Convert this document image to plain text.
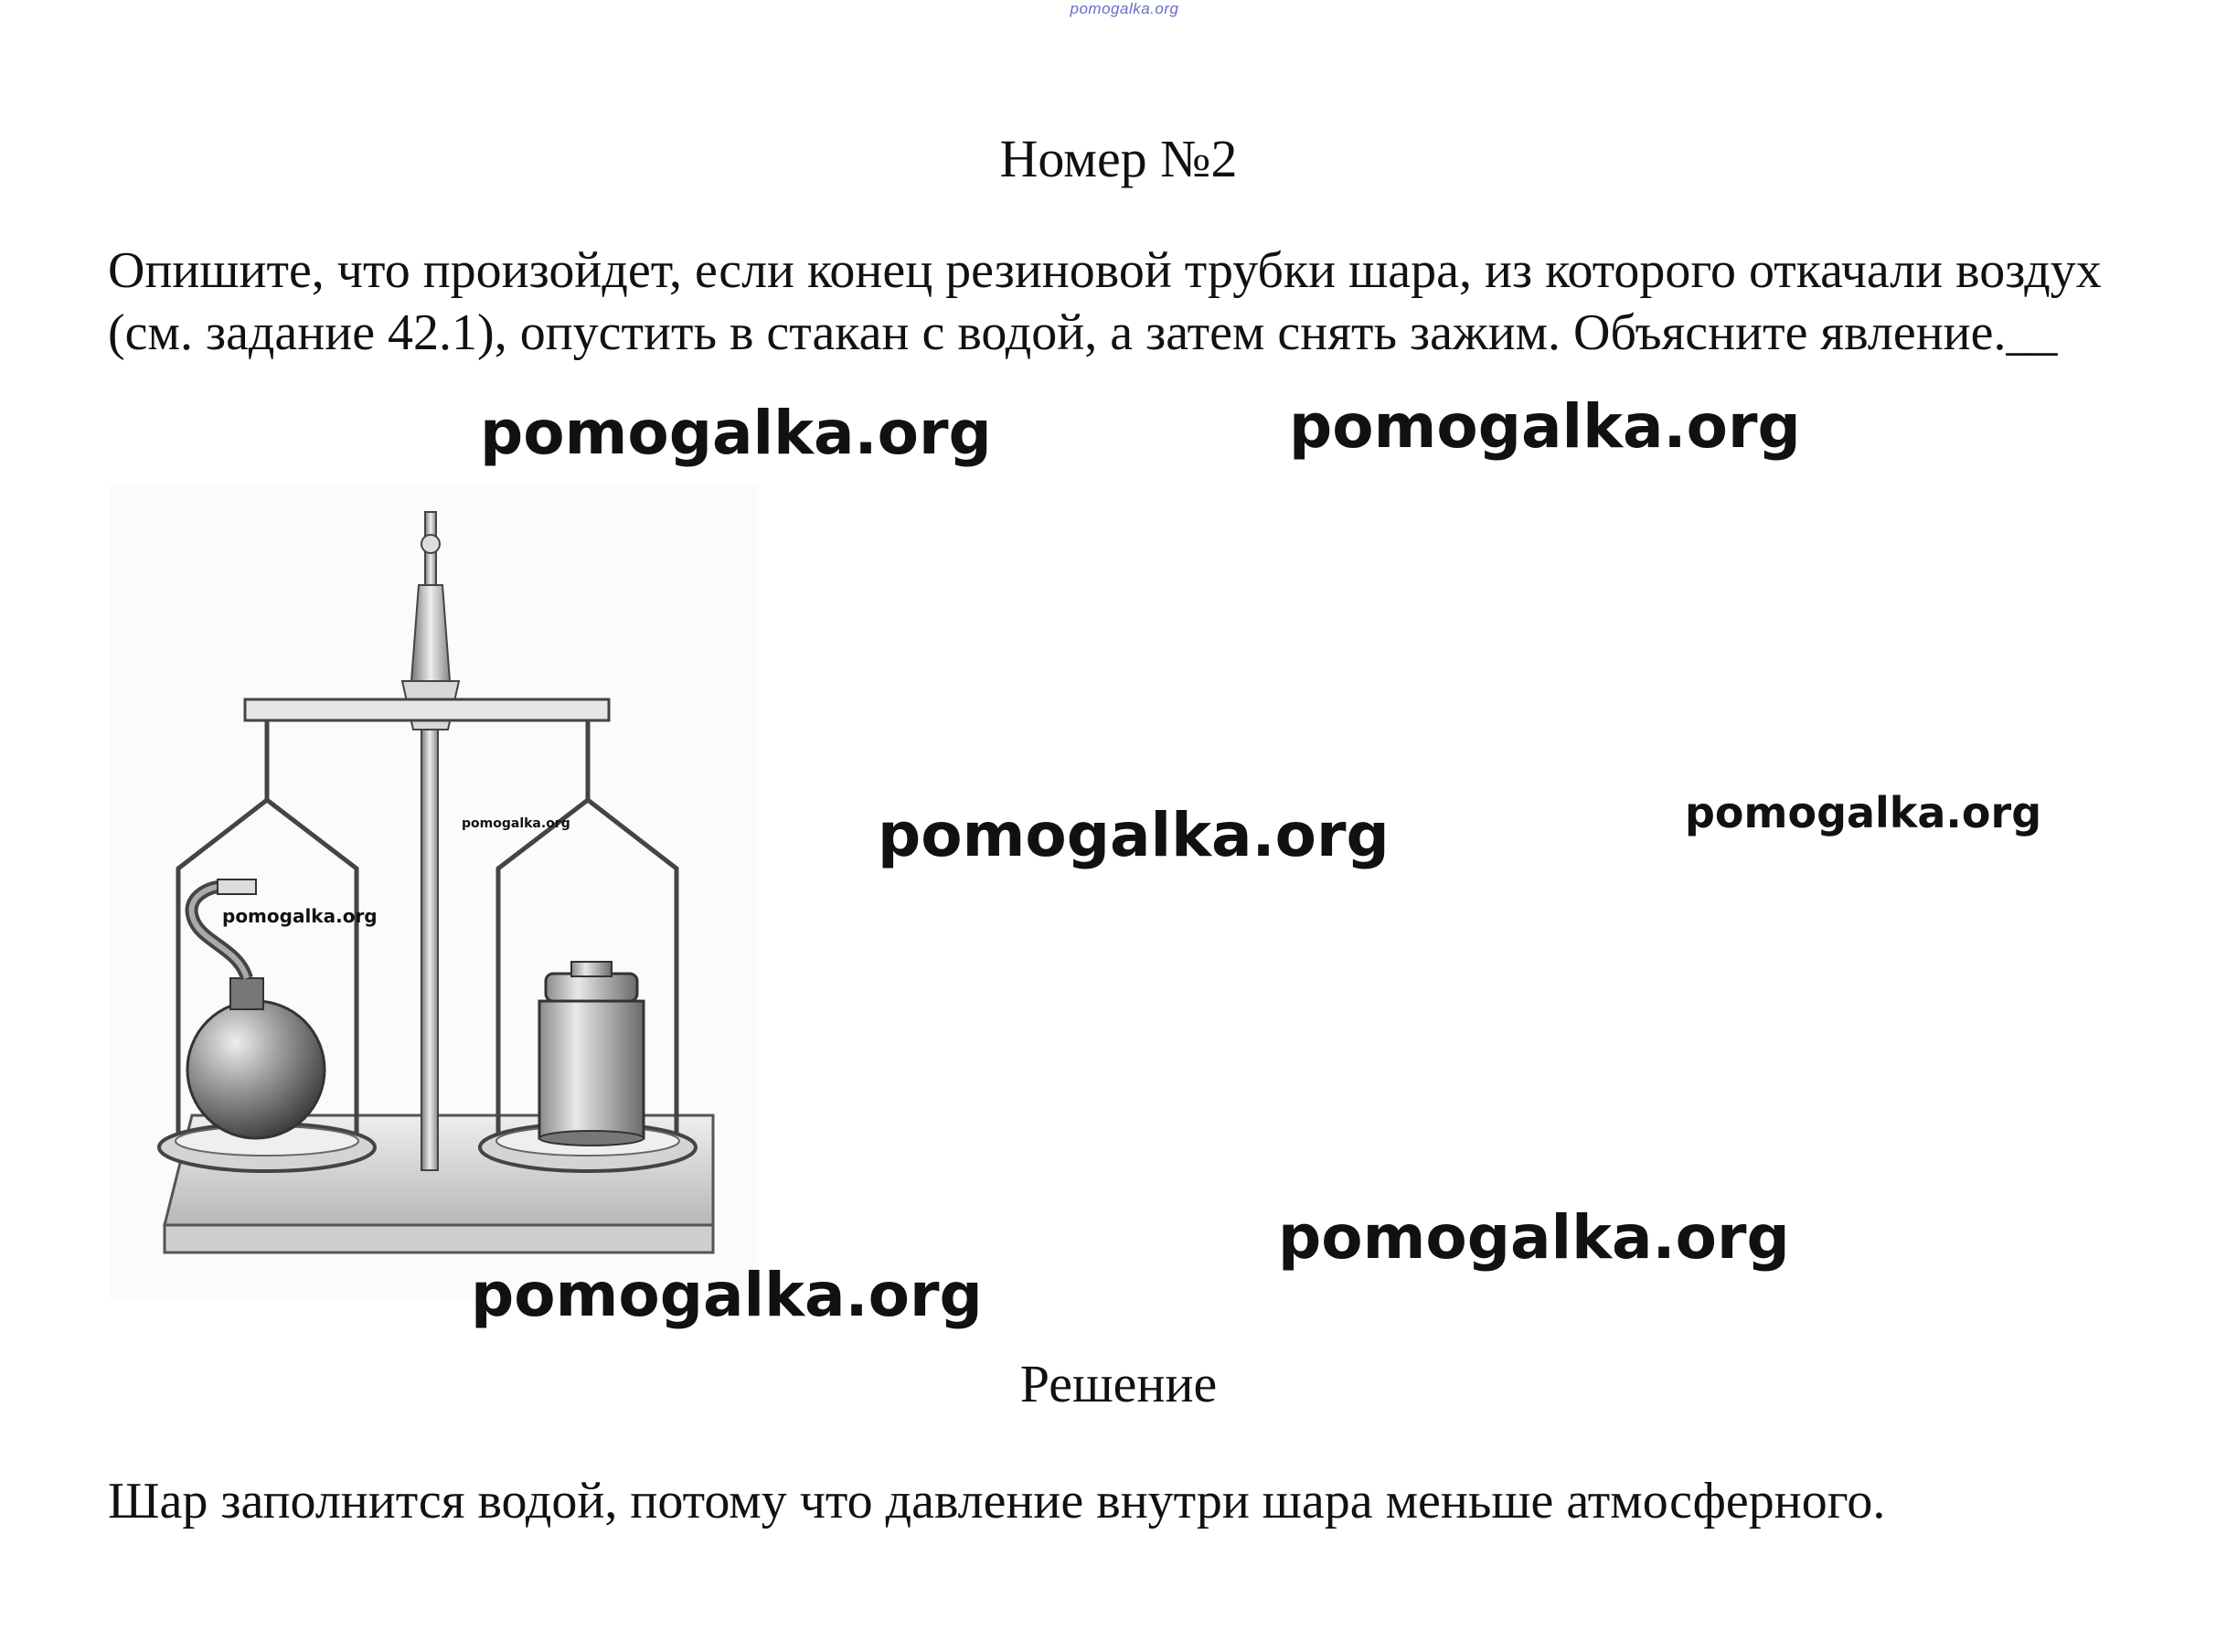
pomogalka.org
Номер №2
Опишите, что произойдет, если конец резиновой трубки шара, из которого откачали воздух (см. задание 42.1), опустить в стакан с водой, а затем снять зажим. Объясните явление.__
pomogalka.org	pomogalka.org
pomogalka.org	pomogalka.org
pomogalka.org
pomogalka.org
pomogalka.org
pomogalka.org
Решение
Шар заполнится водой, потому что давление внутри шара меньше атмосферного.
